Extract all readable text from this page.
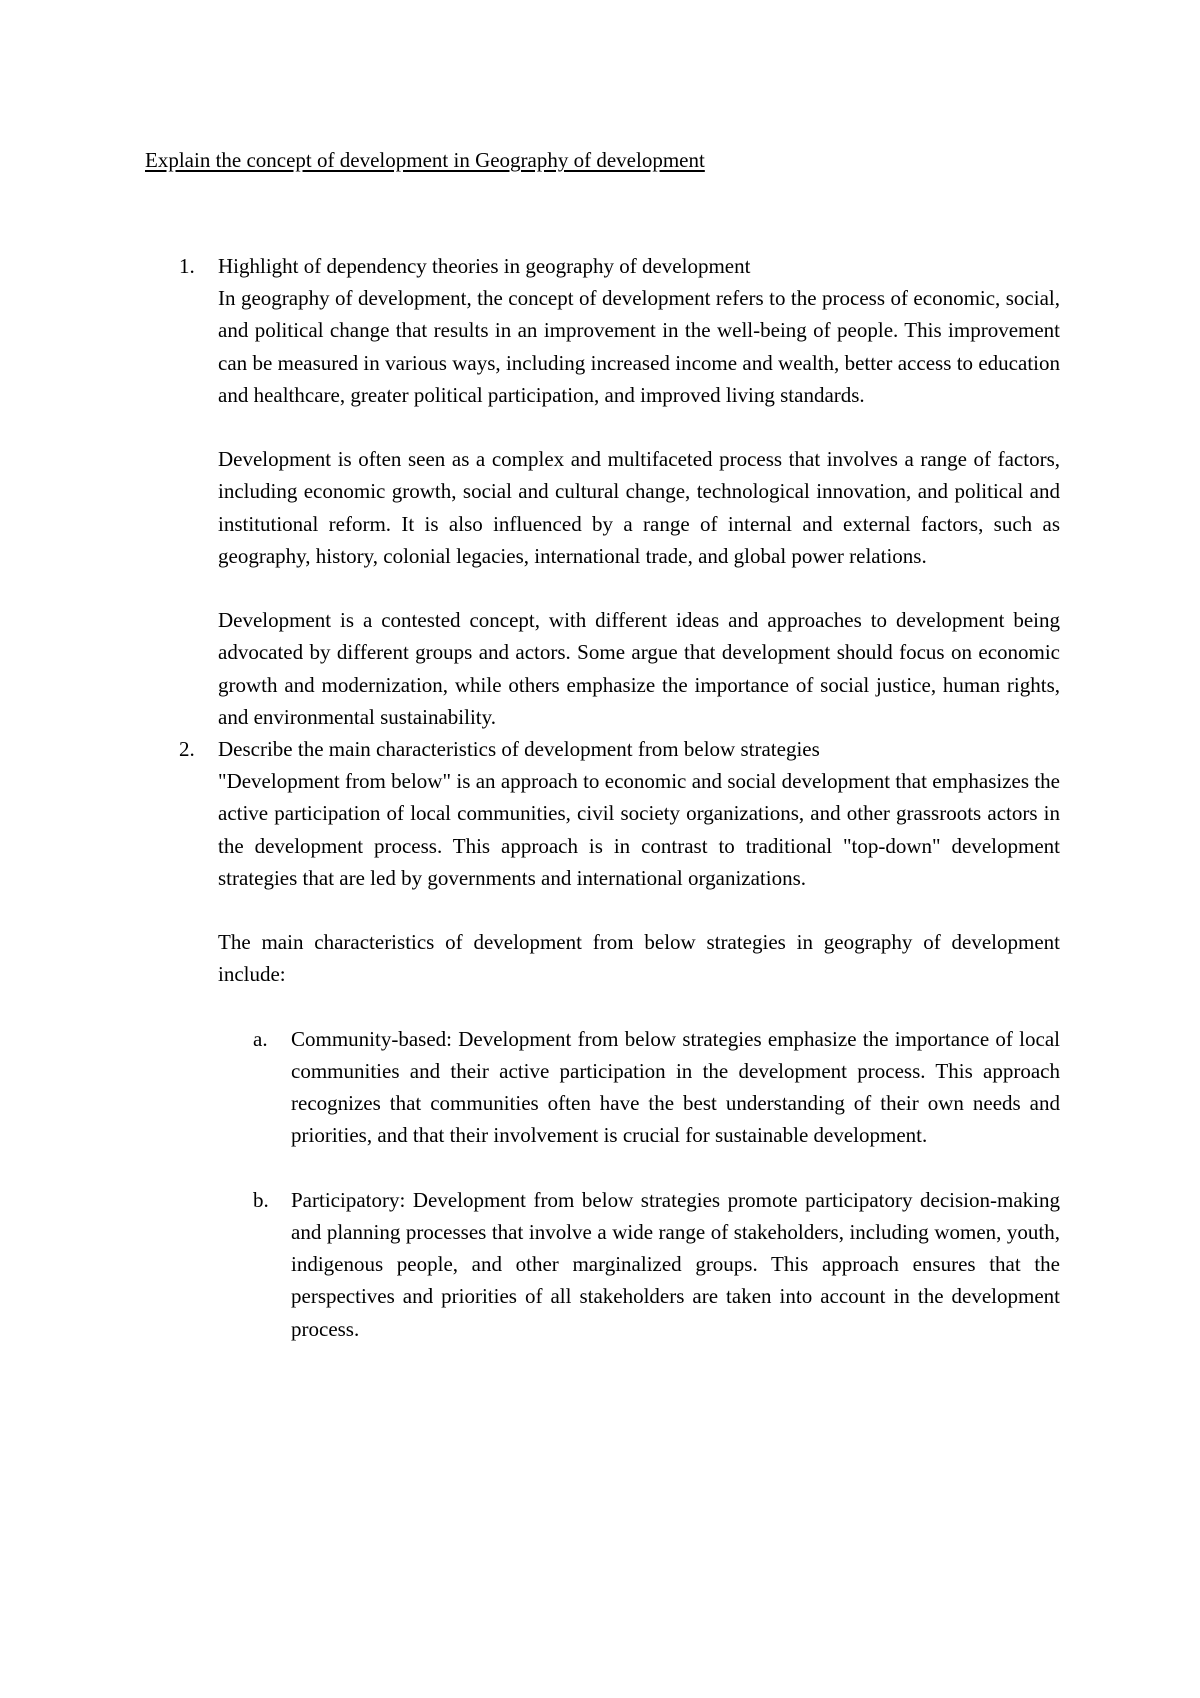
Explain the concept of development in Geography of development
1. Highlight of dependency theories in geography of development
In geography of development, the concept of development refers to the process of economic, social, and political change that results in an improvement in the well-being of people. This improvement can be measured in various ways, including increased income and wealth, better access to education and healthcare, greater political participation, and improved living standards.
Development is often seen as a complex and multifaceted process that involves a range of factors, including economic growth, social and cultural change, technological innovation, and political and institutional reform. It is also influenced by a range of internal and external factors, such as geography, history, colonial legacies, international trade, and global power relations.
Development is a contested concept, with different ideas and approaches to development being advocated by different groups and actors. Some argue that development should focus on economic growth and modernization, while others emphasize the importance of social justice, human rights, and environmental sustainability.
2. Describe the main characteristics of development from below strategies
"Development from below" is an approach to economic and social development that emphasizes the active participation of local communities, civil society organizations, and other grassroots actors in the development process. This approach is in contrast to traditional "top-down" development strategies that are led by governments and international organizations.
The main characteristics of development from below strategies in geography of development include:
a. Community-based: Development from below strategies emphasize the importance of local communities and their active participation in the development process. This approach recognizes that communities often have the best understanding of their own needs and priorities, and that their involvement is crucial for sustainable development.
b. Participatory: Development from below strategies promote participatory decision-making and planning processes that involve a wide range of stakeholders, including women, youth, indigenous people, and other marginalized groups. This approach ensures that the perspectives and priorities of all stakeholders are taken into account in the development process.
